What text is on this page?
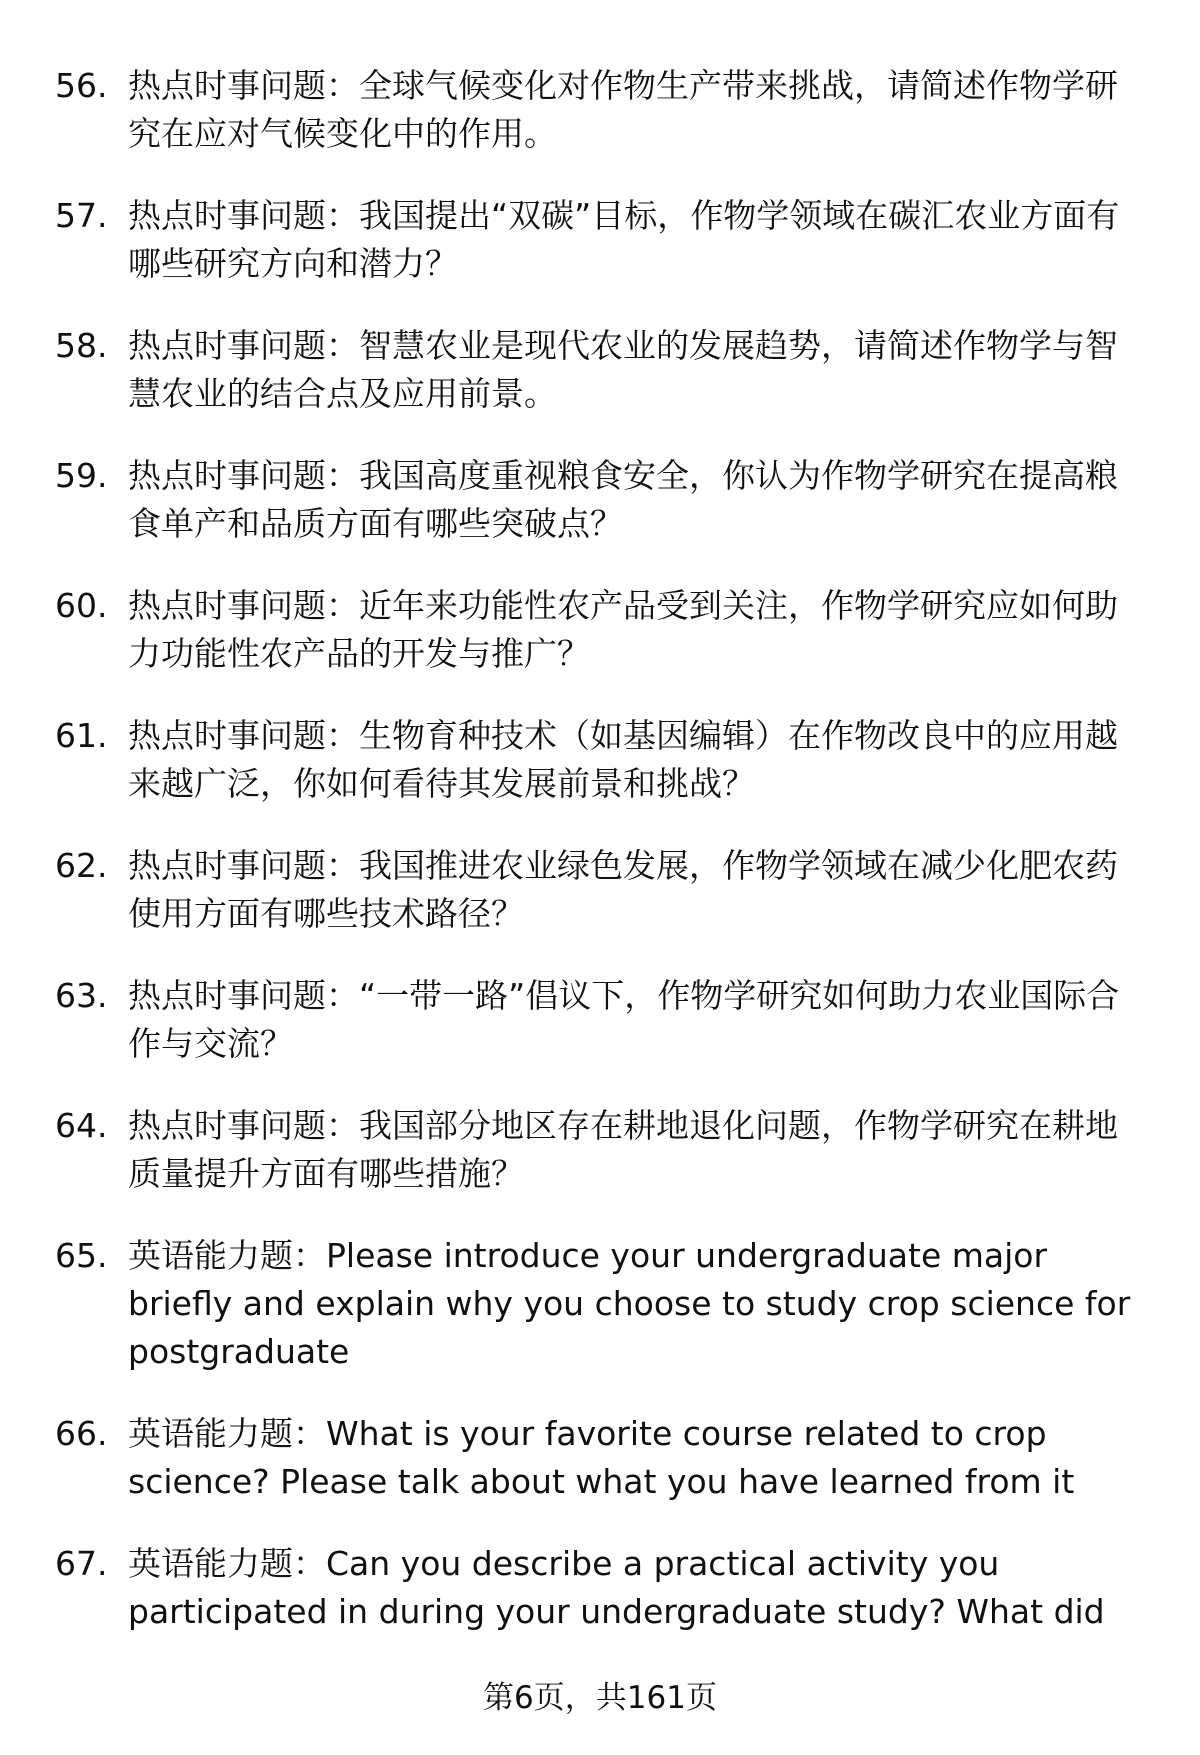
56. 热点时事问题：全球气候变化对作物生产带来挑战，请简述作物学研究在应对气候变化中的作用。
57. 热点时事问题：我国提出“双碳”目标，作物学领域在碳汇农业方面有哪些研究方向和潜力？
58. 热点时事问题：智慧农业是现代农业的发展趋势，请简述作物学与智慧农业的结合点及应用前景。
59. 热点时事问题：我国高度重视粮食安全，你认为作物学研究在提高粮食单产和品质方面有哪些突破点？
60. 热点时事问题：近年来功能性农产品受到关注，作物学研究应如何助力功能性农产品的开发与推广？
61. 热点时事问题：生物育种技术（如基因编辑）在作物改良中的应用越来越广泛，你如何看待其发展前景和挑战？
62. 热点时事问题：我国推进农业绿色发展，作物学领域在减少化肥农药使用方面有哪些技术路径？
63. 热点时事问题：“一带一路”倡议下，作物学研究如何助力农业国际合作与交流？
64. 热点时事问题：我国部分地区存在耕地退化问题，作物学研究在耕地质量提升方面有哪些措施？
65. 英语能力题：Please introduce your undergraduate major briefly and explain why you choose to study crop science for postgraduate
66. 英语能力题：What is your favorite course related to crop science? Please talk about what you have learned from it
67. 英语能力题：Can you describe a practical activity you participated in during your undergraduate study? What did
第6页，共161页
